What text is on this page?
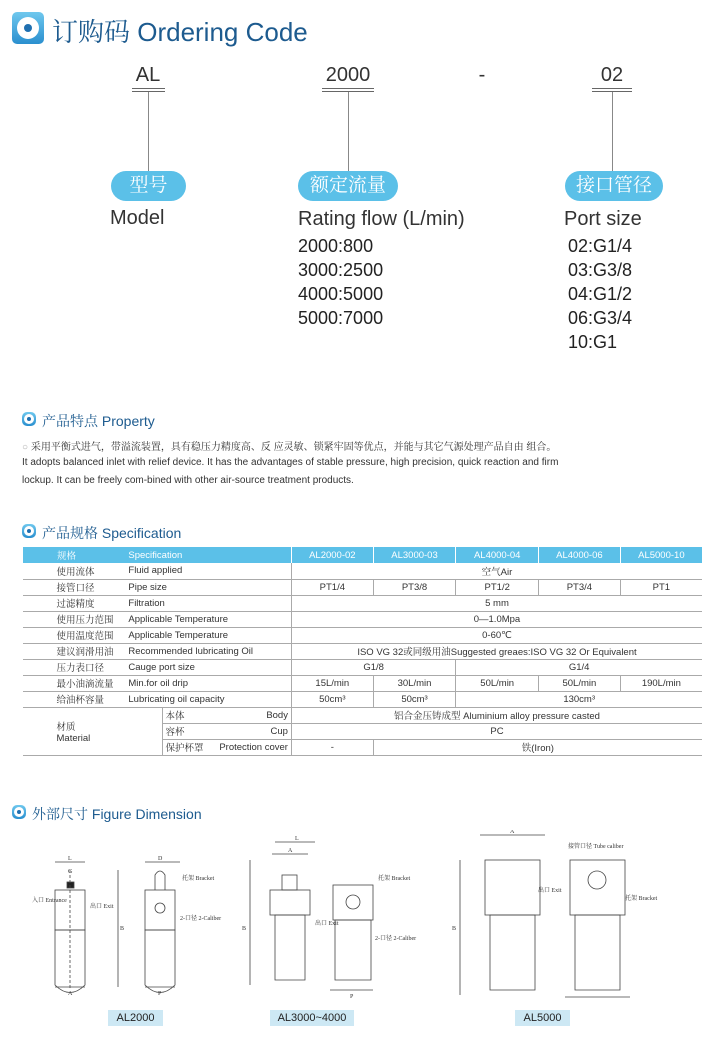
订购码 Ordering Code
AL	2000	-	02
型号	额定流量	接口管径
Model	Rating flow (L/min)	Port size
2000:800
3000:2500
4000:5000
5000:7000
02:G1/4
03:G3/8
04:G1/2
06:G3/4
10:G1
产品特点 Property
○ 采用平衡式进气，带溢流装置，具有稳压力精度高、反 应灵敏、锁紧牢固等优点，并能与其它气源处理产品自由 组合。
It adopts balanced inlet with relief device. It has the advantages of stable pressure, high precision, quick reaction and firm
lockup. It can be freely com-bined with other air-source treatment products.
产品规格 Specification
规格	Specification			AL2000-02	AL3000-03	AL4000-04	AL4000-06	AL5000-10
使用流体	Fluid applied			空气Air				
接管口径	Pipe size			PT1/4	PT3/8	PT1/2	PT3/4	PT1
过滤精度	Filtration			5 mm				
使用压力范围	Applicable Temperature			0—1.0Mpa				
使用温度范围	Applicable Temperature			0-60℃				
建议润滑用油	Recommended lubricating Oil			ISO VG 32或同级用油Suggested greaes:ISO VG 32 Or Equivalent				
压力表口径	Cauge port size			G1/8		G1/4		
最小油滴流量	Min.for oil drip			15L/min	30L/min	50L/min	50L/min	190L/min
给油杯容量	Lubricating oil capacity			50cm³	50cm³	130cm³		

材质
Material		本体	Body	铝合金压铸成型 Aluminium alloy pressure casted				
		容杯	Cup	PC				
		保护杯罩	Protection cover	-	铁(Iron)			
外部尺寸 Figure Dimension
L
G
A
B
入口 Entrance
出口 Exit
D
P
托架 Bracket
2-口径 2-Caliber
L
A
B
出口 Exit
P
托架 Bracket
2-口径 2-Caliber
A
B
出口 Exit
接管口径 Tube caliber
托架 Bracket
AL2000	AL3000~4000	AL5000
